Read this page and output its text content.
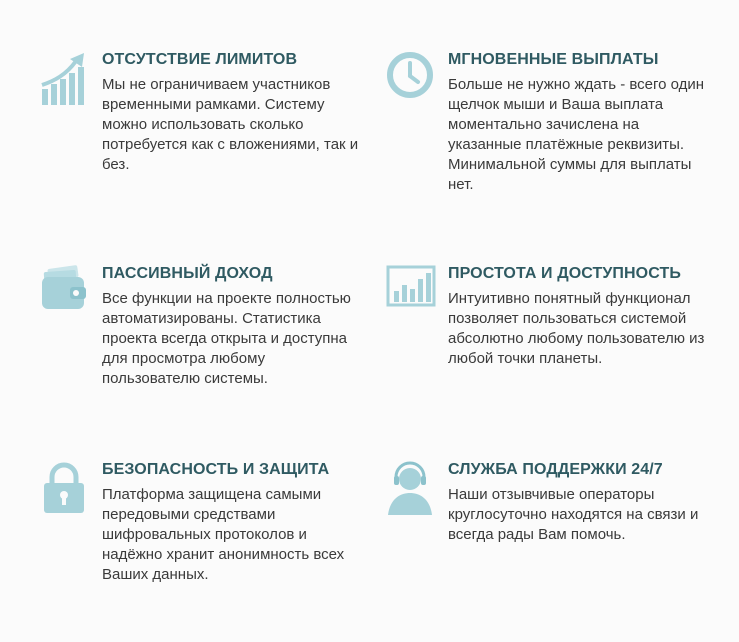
ОТСУТСТВИЕ ЛИМИТОВ

Мы не ограничиваем участников временными рамками. Систему можно использовать сколько потребуется как с вложениями, так и без.

МГНОВЕННЫЕ ВЫПЛАТЫ

Больше не нужно ждать - всего один щелчок мыши и Ваша выплата моментально зачислена на указанные платёжные реквизиты. Минимальной суммы для выплаты нет.

ПАССИВНЫЙ ДОХОД

Все функции на проекте полностью автоматизированы. Статистика проекта всегда открыта и доступна для просмотра любому пользователю системы.

ПРОСТОТА И ДОСТУПНОСТЬ

Интуитивно понятный функционал позволяет пользоваться системой абсолютно любому пользователю из любой точки планеты.

БЕЗОПАСНОСТЬ И ЗАЩИТА

Платформа защищена самыми передовыми средствами шифровальных протоколов и надёжно хранит анонимность всех Ваших данных.

СЛУЖБА ПОДДЕРЖКИ 24/7

Наши отзывчивые операторы круглосуточно находятся на связи и всегда рады Вам помочь.
